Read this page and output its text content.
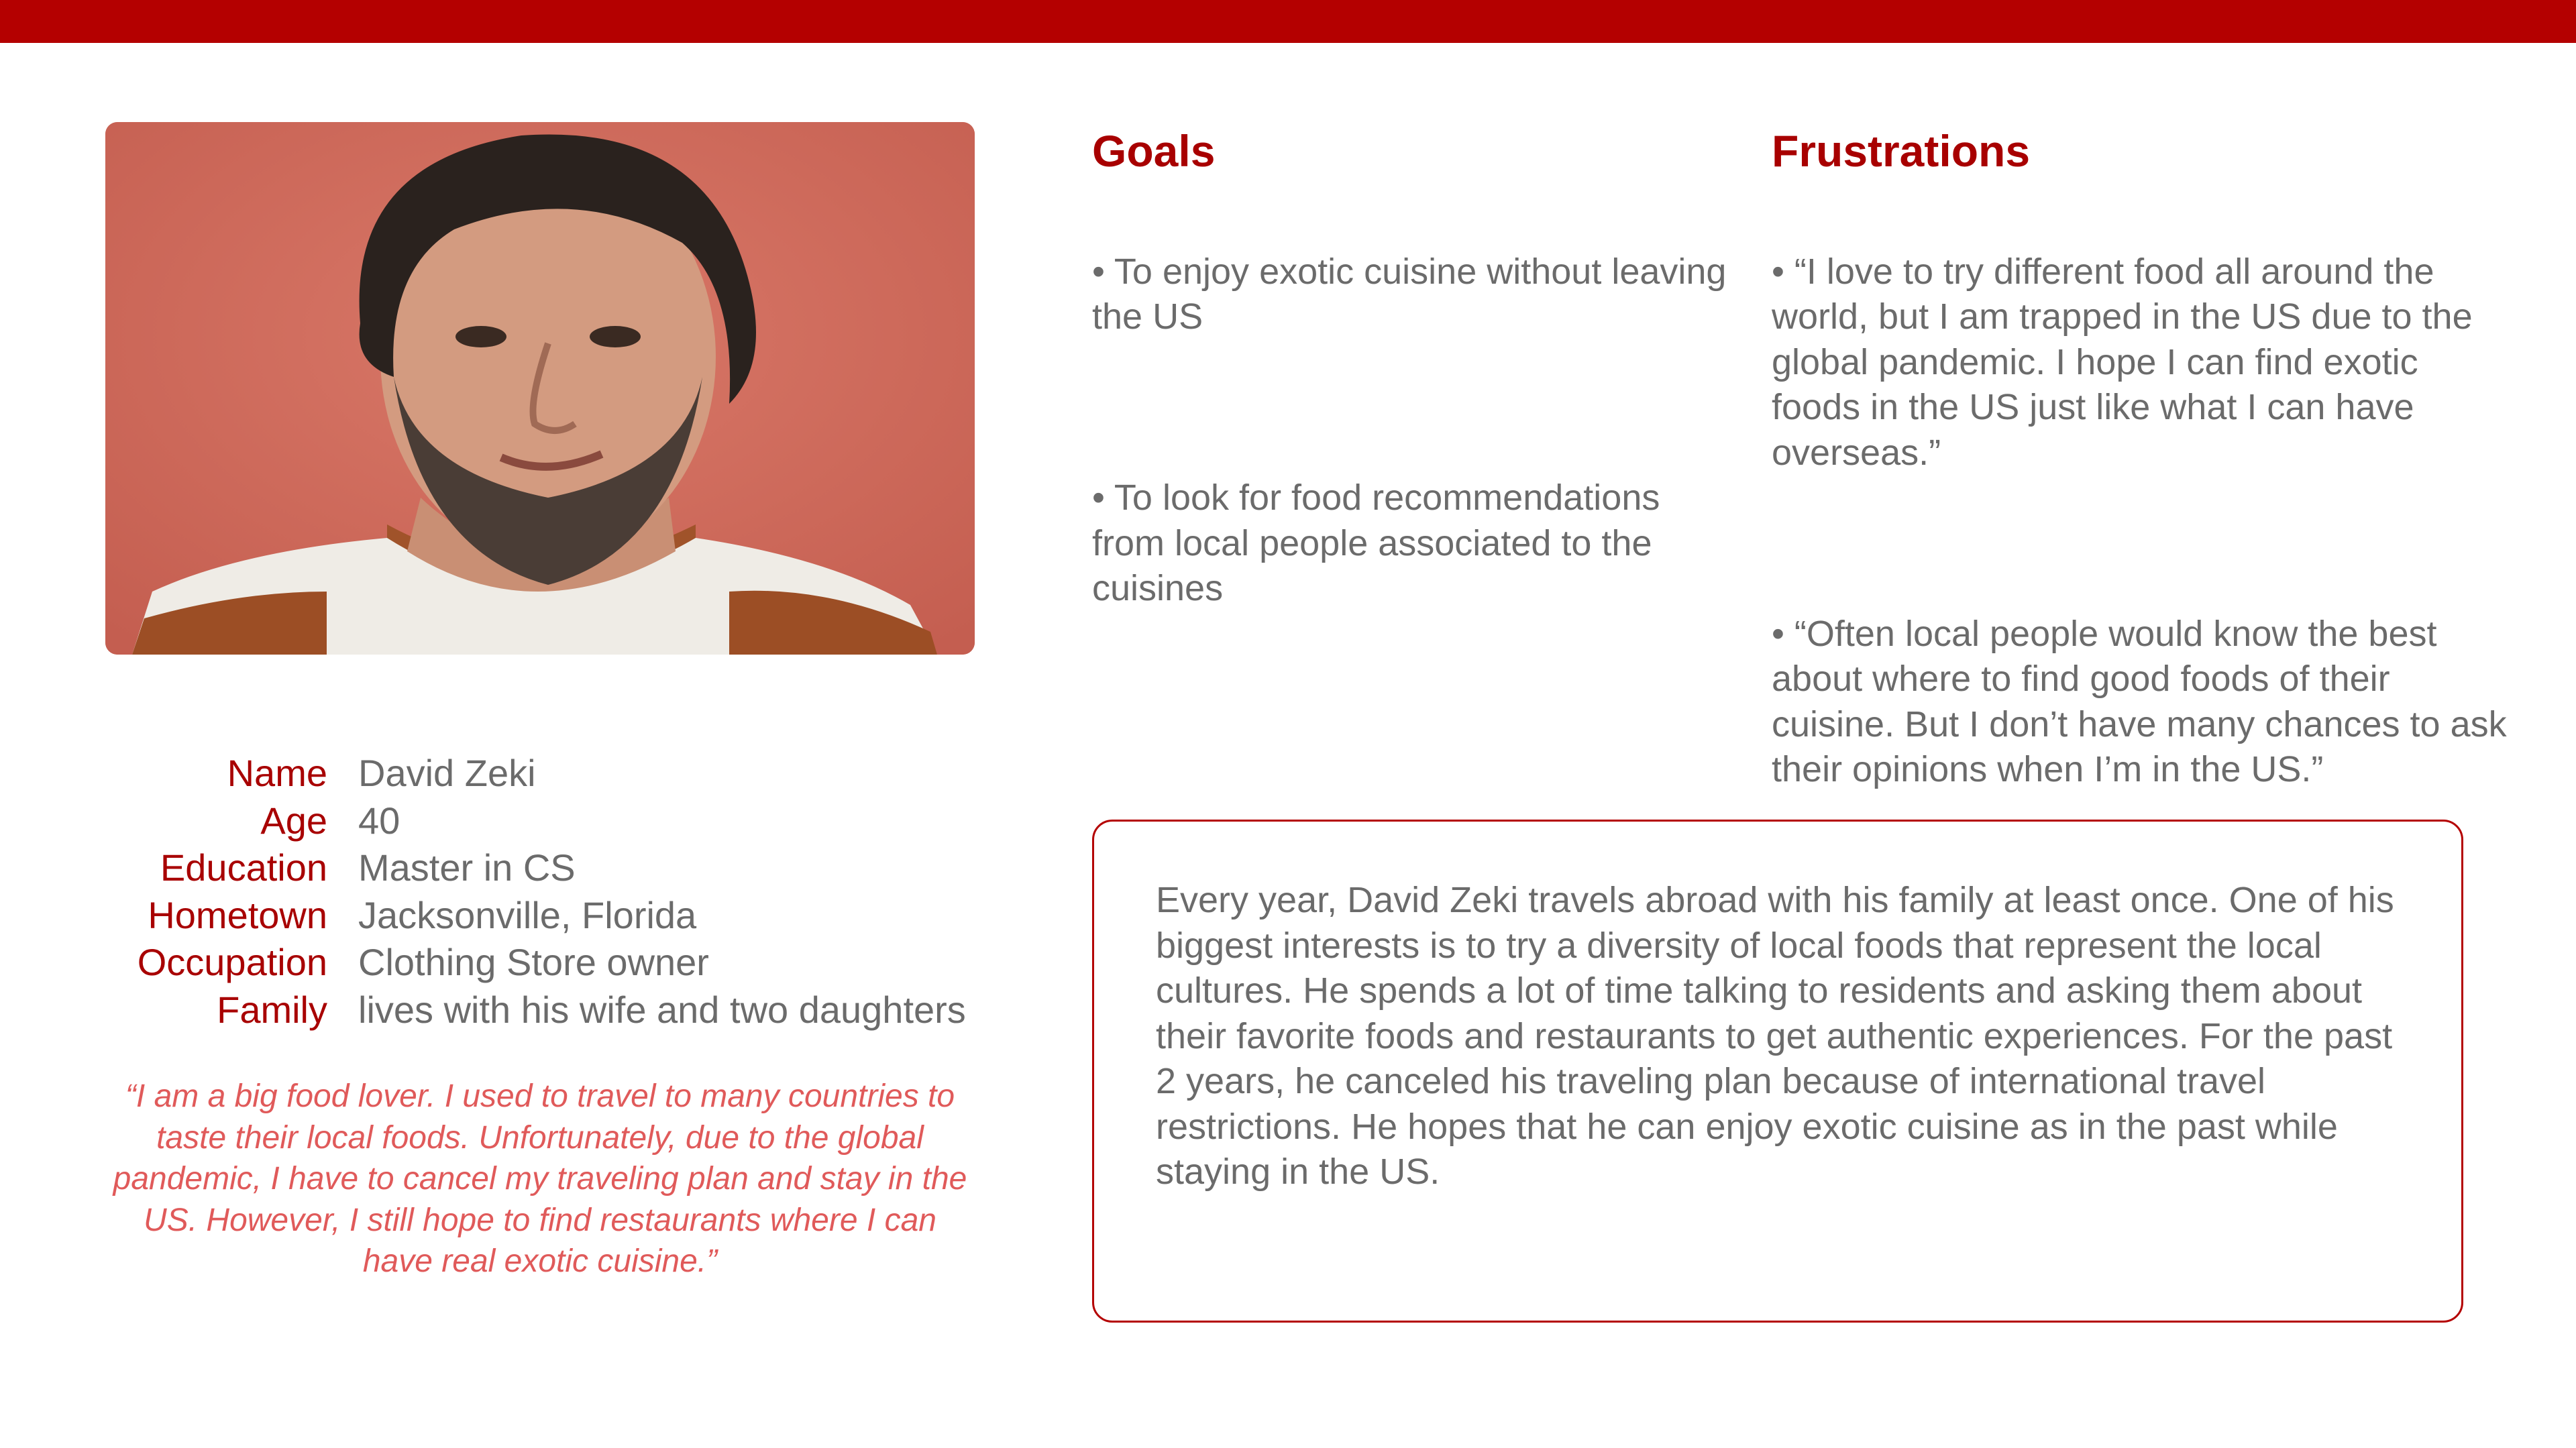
Goals

• To enjoy exotic cuisine without leaving the US

• To look for food recommendations from local people associated to the cuisines

Frustrations

• “I love to try different food all around the world, but I am trapped in the US due to the global pandemic. I hope I can find exotic foods in the US just like what I can have overseas.”

• “Often local people would know the best about where to find good foods of their cuisine. But I don’t have many chances to ask their opinions when I’m in the US.”

Name David Zeki
Age 40
Education Master in CS
Hometown Jacksonville, Florida
Occupation Clothing Store owner
Family lives with his wife and two daughters

“I am a big food lover. I used to travel to many countries to taste their local foods. Unfortunately, due to the global pandemic, I have to cancel my traveling plan and stay in the US. However, I still hope to find restaurants where I can have real exotic cuisine.”

Every year, David Zeki travels abroad with his family at least once. One of his biggest interests is to try a diversity of local foods that represent the local cultures. He spends a lot of time talking to residents and asking them about their favorite foods and restaurants to get authentic experiences. For the past 2 years, he canceled his traveling plan because of international travel restrictions. He hopes that he can enjoy exotic cuisine as in the past while staying in the US.
